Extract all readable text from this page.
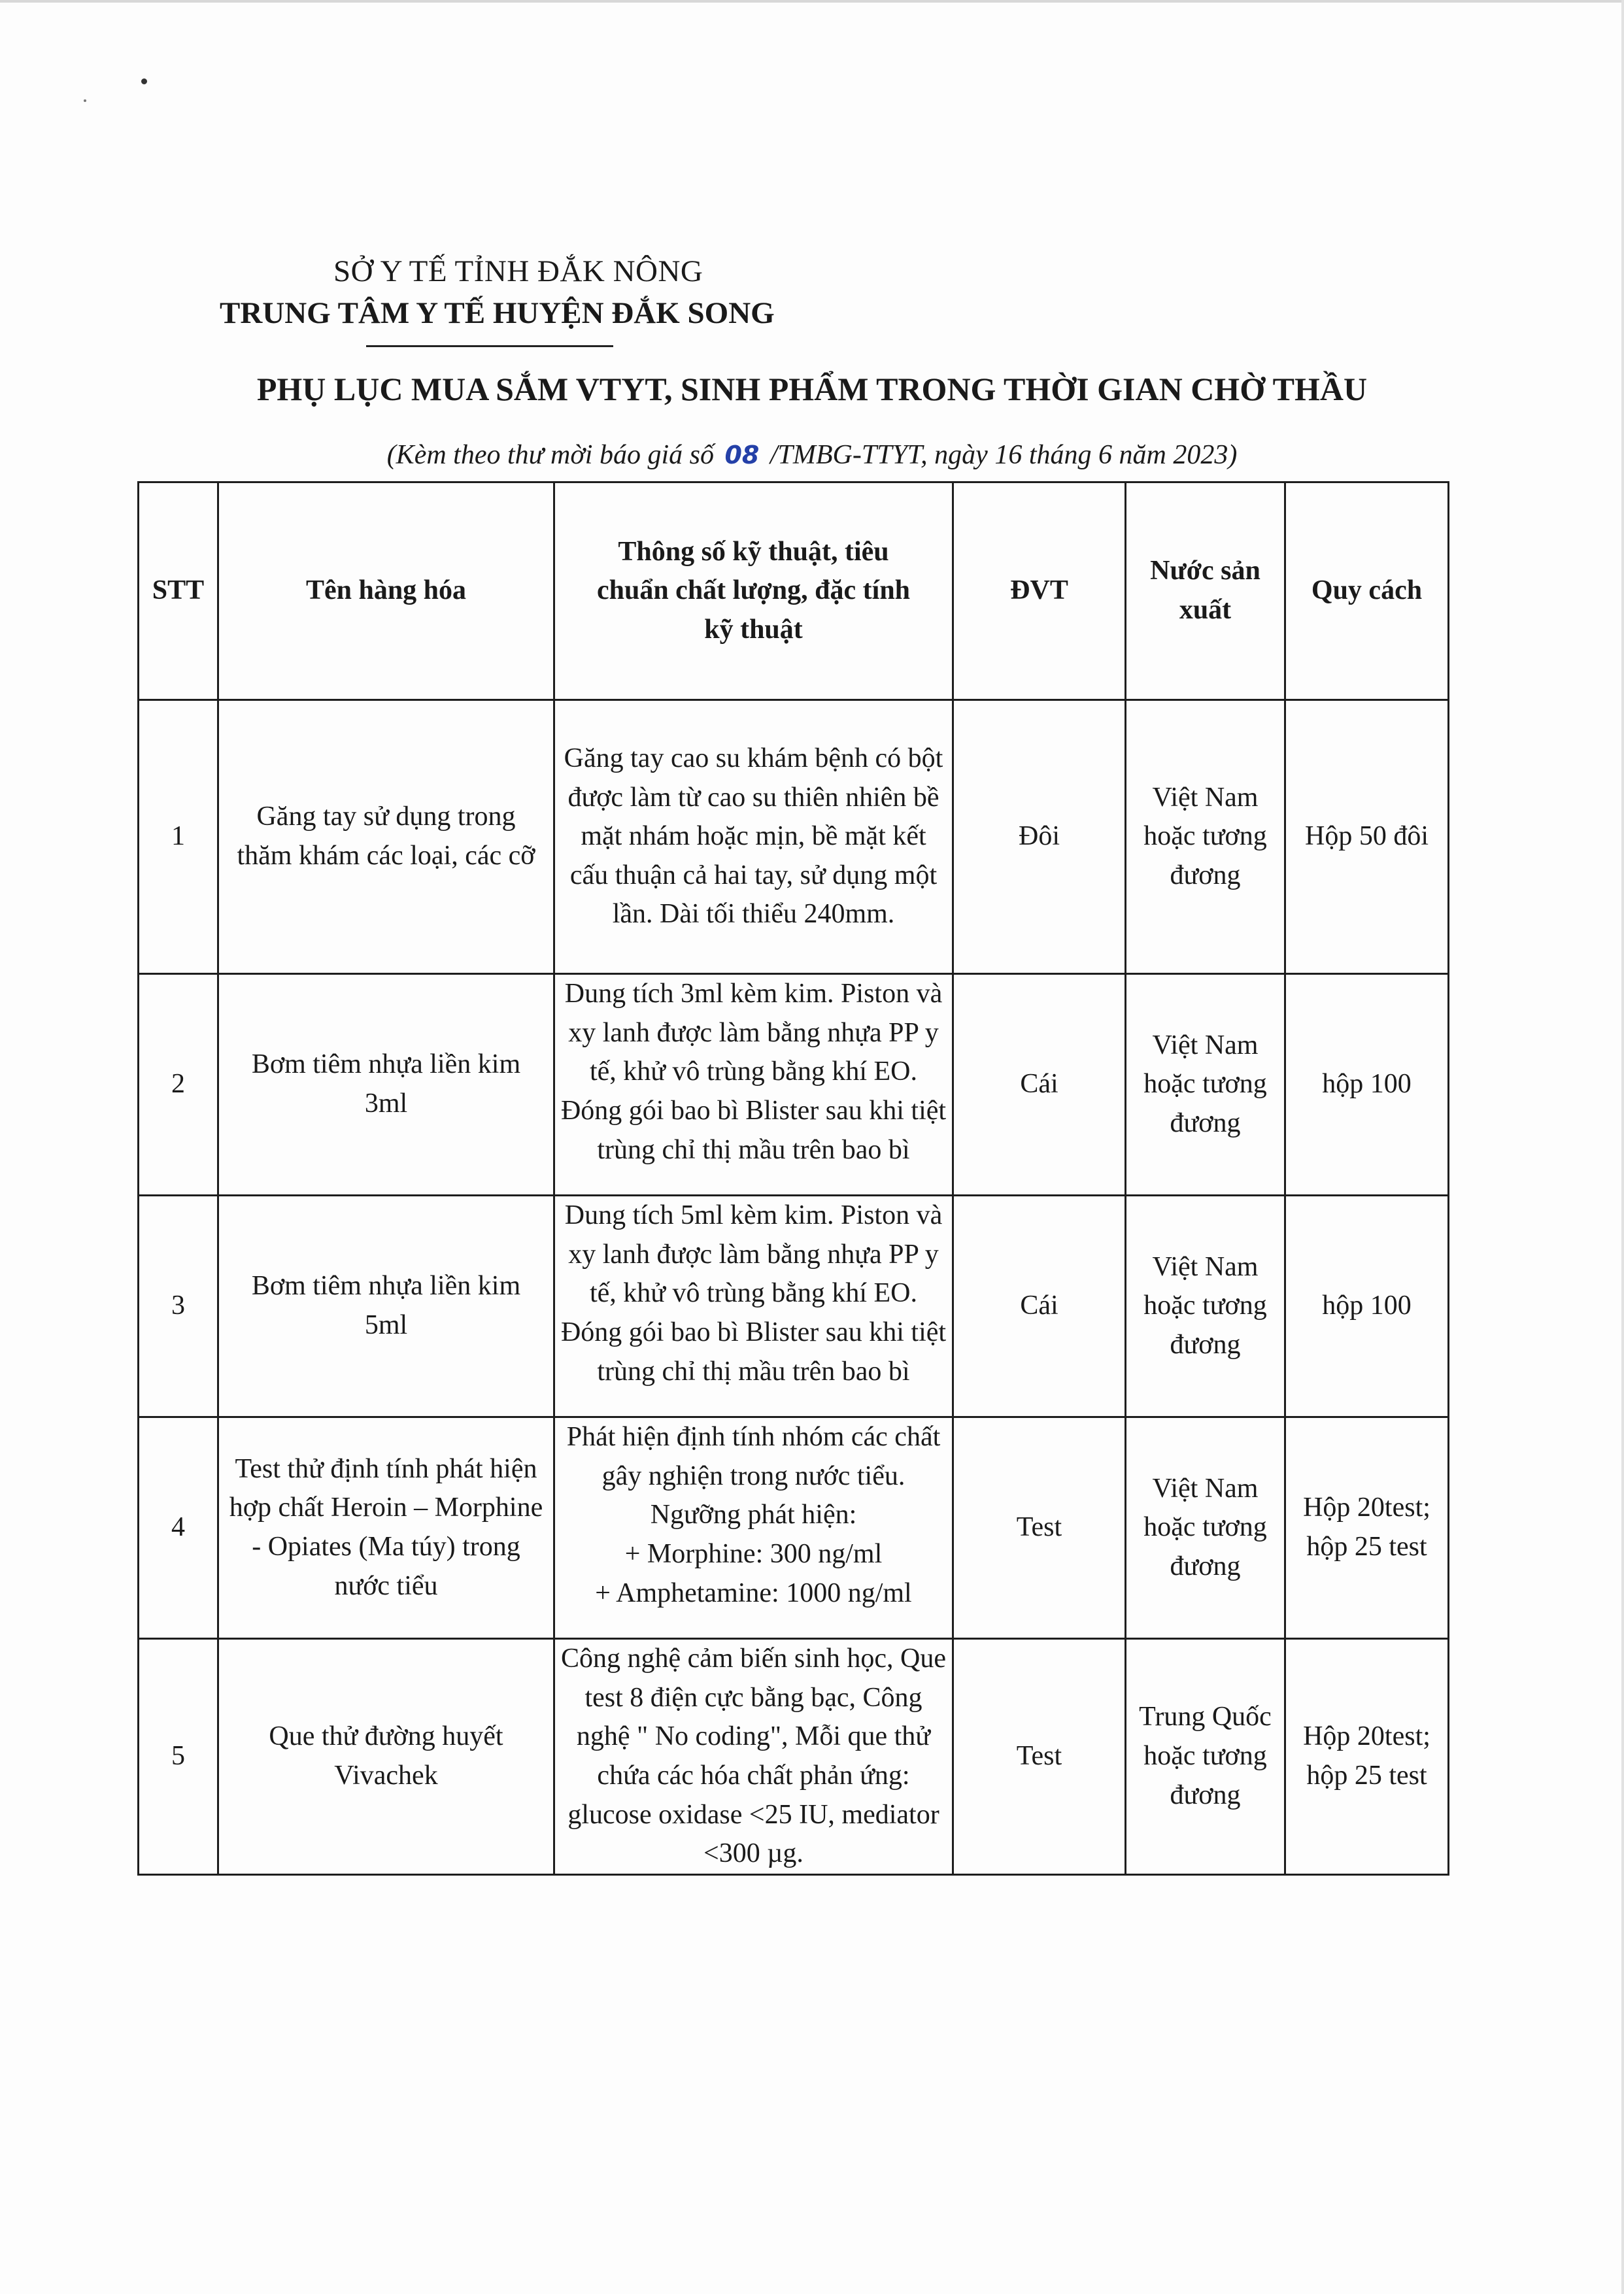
SỞ Y TẾ TỈNH ĐẮK NÔNG
TRUNG TÂM Y TẾ HUYỆN ĐẮK SONG
PHỤ LỤC MUA SẮM VTYT, SINH PHẨM TRONG THỜI GIAN CHỜ THẦU
(Kèm theo thư mời báo giá số 08 /TMBG-TTYT, ngày 16 tháng 6 năm 2023)
STT	Tên hàng hóa	Thông số kỹ thuật, tiêu chuẩn chất lượng, đặc tính kỹ thuật	ĐVT	Nước sản xuất	Quy cách
1	Găng tay sử dụng trong thăm khám các loại, các cỡ	Găng tay cao su khám bệnh có bột được làm từ cao su thiên nhiên bề mặt nhám hoặc mịn, bề mặt kết cấu thuận cả hai tay, sử dụng một lần. Dài tối thiểu 240mm.	Đôi	Việt Nam hoặc tương đương	Hộp 50 đôi
2	Bơm tiêm nhựa liền kim 3ml	Dung tích 3ml kèm kim. Piston và xy lanh được làm bằng nhựa PP y tế, khử vô trùng bằng khí EO. Đóng gói bao bì Blister sau khi tiệt trùng chỉ thị mầu trên bao bì	Cái	Việt Nam hoặc tương đương	hộp 100
3	Bơm tiêm nhựa liền kim 5ml	Dung tích 5ml kèm kim. Piston và xy lanh được làm bằng nhựa PP y tế, khử vô trùng bằng khí EO. Đóng gói bao bì Blister sau khi tiệt trùng chỉ thị mầu trên bao bì	Cái	Việt Nam hoặc tương đương	hộp 100
4	Test thử định tính phát hiện hợp chất Heroin – Morphine - Opiates (Ma túy) trong nước tiểu	Phát hiện định tính nhóm các chất gây nghiện trong nước tiểu.
Ngưỡng phát hiện:
+ Morphine: 300 ng/ml
+ Amphetamine: 1000 ng/ml	Test	Việt Nam hoặc tương đương	Hộp 20test; hộp 25 test
5	Que thử đường huyết Vivachek	Công nghệ cảm biến sinh học, Que test 8 điện cực bằng bạc, Công nghệ " No coding", Mỗi que thử chứa các hóa chất phản ứng: glucose oxidase <25 IU, mediator <300 µg.	Test	Trung Quốc hoặc tương đương	Hộp 20test; hộp 25 test
